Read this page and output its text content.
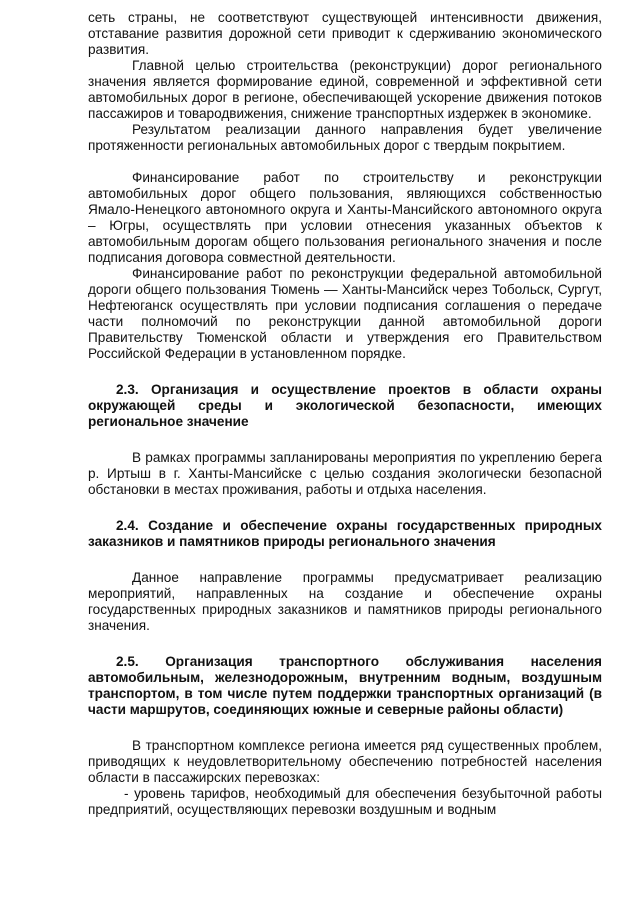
сеть страны, не соответствуют существующей интенсивности движения, отставание развития дорожной сети приводит к сдерживанию экономического развития.

Главной целью строительства (реконструкции) дорог регионального значения является формирование единой, современной и эффективной сети автомобильных дорог в регионе, обеспечивающей ускорение движения потоков пассажиров и товародвижения, снижение транспортных издержек в экономике.

Результатом реализации данного направления будет увеличение протяженности региональных автомобильных дорог с твердым покрытием.

Финансирование работ по строительству и реконструкции автомобильных дорог общего пользования, являющихся собственностью Ямало-Ненецкого автономного округа и Ханты-Мансийского автономного округа – Югры, осуществлять при условии отнесения указанных объектов к автомобильным дорогам общего пользования регионального значения и после подписания договора совместной деятельности.

Финансирование работ по реконструкции федеральной автомобильной дороги общего пользования Тюмень — Ханты-Мансийск через Тобольск, Сургут, Нефтеюганск осуществлять при условии подписания соглашения о передаче части полномочий по реконструкции данной автомобильной дороги Правительству Тюменской области и утверждения его Правительством Российской Федерации в установленном порядке.

2.3. Организация и осуществление проектов в области охраны окружающей среды и экологической безопасности, имеющих региональное значение

В рамках программы запланированы мероприятия по укреплению берега р. Иртыш в г. Ханты-Мансийске с целью создания экологически безопасной обстановки в местах проживания, работы и отдыха населения.

2.4. Создание и обеспечение охраны государственных природных заказников и памятников природы регионального значения

Данное направление программы предусматривает реализацию мероприятий, направленных на создание и обеспечение охраны государственных природных заказников и памятников природы регионального значения.

2.5. Организация транспортного обслуживания населения автомобильным, железнодорожным, внутренним водным, воздушным транспортом, в том числе путем поддержки транспортных организаций (в части маршрутов, соединяющих южные и северные районы области)

В транспортном комплексе региона имеется ряд существенных проблем, приводящих к неудовлетворительному обеспечению потребностей населения области в пассажирских перевозках:

- уровень тарифов, необходимый для обеспечения безубыточной работы предприятий, осуществляющих перевозки воздушным и водным
